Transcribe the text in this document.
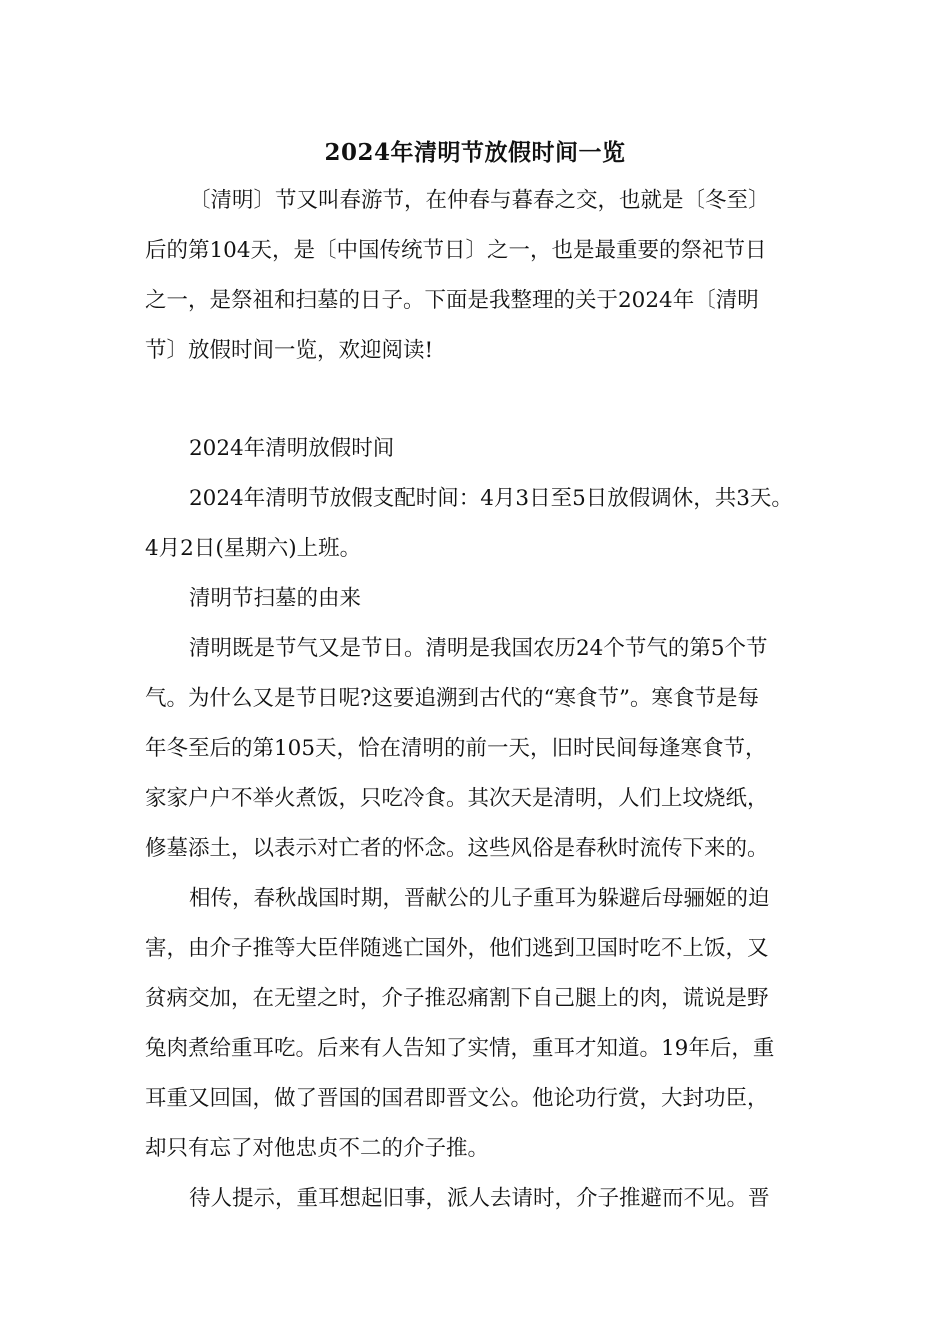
2024年清明节放假时间一览
〔清明〕节又叫春游节，在仲春与暮春之交，也就是〔冬至〕
后的第104天，是〔中国传统节日〕之一，也是最重要的祭祀节日
之一，是祭祖和扫墓的日子。下面是我整理的关于2024年〔清明
节〕放假时间一览，欢迎阅读!
2024年清明放假时间
2024年清明节放假支配时间：4月3日至5日放假调休，共3天。
4月2日(星期六)上班。
清明节扫墓的由来
清明既是节气又是节日。清明是我国农历24个节气的第5个节
气。为什么又是节日呢?这要追溯到古代的“寒食节”。寒食节是每
年冬至后的第105天，恰在清明的前一天，旧时民间每逢寒食节，
家家户户不举火煮饭，只吃冷食。其次天是清明，人们上坟烧纸，
修墓添土，以表示对亡者的怀念。这些风俗是春秋时流传下来的。
相传，春秋战国时期，晋献公的儿子重耳为躲避后母骊姬的迫
害，由介子推等大臣伴随逃亡国外，他们逃到卫国时吃不上饭，又
贫病交加，在无望之时，介子推忍痛割下自己腿上的肉，谎说是野
兔肉煮给重耳吃。后来有人告知了实情，重耳才知道。19年后，重
耳重又回国，做了晋国的国君即晋文公。他论功行赏，大封功臣，
却只有忘了对他忠贞不二的介子推。
待人提示，重耳想起旧事，派人去请时，介子推避而不见。晋
